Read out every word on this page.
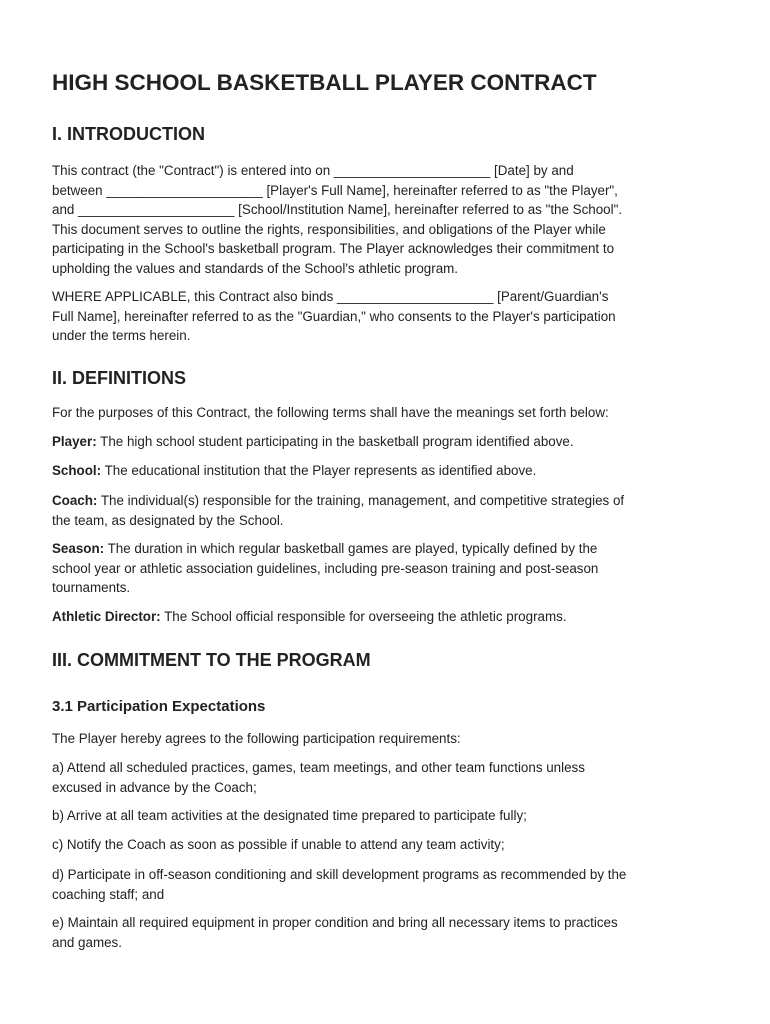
HIGH SCHOOL BASKETBALL PLAYER CONTRACT
I. INTRODUCTION

This contract (the "Contract") is entered into on _____________________ [Date] by and
between _____________________ [Player's Full Name], hereinafter referred to as "the Player",
and _____________________ [School/Institution Name], hereinafter referred to as "the School".
This document serves to outline the rights, responsibilities, and obligations of the Player while
participating in the School's basketball program. The Player acknowledges their commitment to
upholding the values and standards of the School's athletic program.

WHERE APPLICABLE, this Contract also binds _____________________ [Parent/Guardian's
Full Name], hereinafter referred to as the "Guardian," who consents to the Player's participation
under the terms herein.

II. DEFINITIONS

For the purposes of this Contract, the following terms shall have the meanings set forth below:

Player: The high school student participating in the basketball program identified above.

School: The educational institution that the Player represents as identified above.

Coach: The individual(s) responsible for the training, management, and competitive strategies of
the team, as designated by the School.

Season: The duration in which regular basketball games are played, typically defined by the
school year or athletic association guidelines, including pre-season training and post-season
tournaments.

Athletic Director: The School official responsible for overseeing the athletic programs.

III. COMMITMENT TO THE PROGRAM
3.1 Participation Expectations

The Player hereby agrees to the following participation requirements:

a) Attend all scheduled practices, games, team meetings, and other team functions unless
excused in advance by the Coach;

b) Arrive at all team activities at the designated time prepared to participate fully;

c) Notify the Coach as soon as possible if unable to attend any team activity;

d) Participate in off-season conditioning and skill development programs as recommended by the
coaching staff; and

e) Maintain all required equipment in proper condition and bring all necessary items to practices
and games.
